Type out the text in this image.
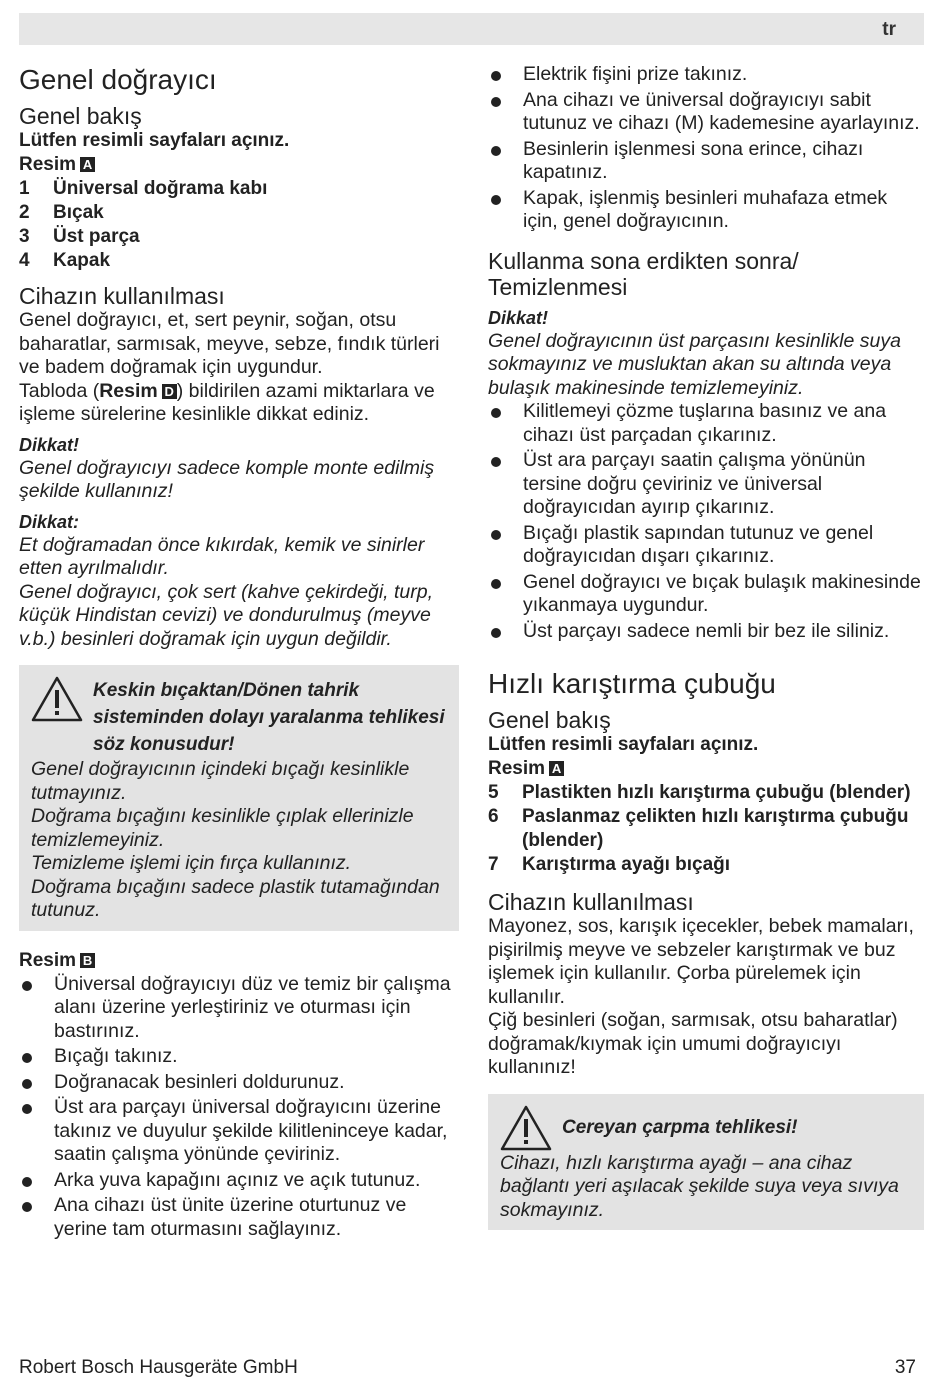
tr
Genel doğrayıcı
Genel bakış
Lütfen resimli sayfaları açınız.
Resim A
1	Üniversal doğrama kabı
2	Bıçak
3	Üst parça
4	Kapak
Cihazın kullanılması

Genel doğrayıcı, et, sert peynir, soğan, otsu baharatlar, sarmısak, meyve, sebze, fındık türleri ve badem doğramak için uygundur.

Tabloda (Resim D ) bildirilen azami miktarlara ve işleme sürelerine kesinlikle dikkat ediniz.

Dikkat!

Genel doğrayıcıyı sadece komple monte edilmiş şekilde kullanınız!

Dikkat:

Et doğramadan önce kıkırdak, kemik ve sinirler etten ayrılmalıdır.

Genel doğrayıcı, çok sert (kahve çekirdeği, turp, küçük Hindistan cevizi) ve dondurulmuş (meyve v.b.) besinleri doğramak için uygun değildir.

Keskin bıçaktan/Dönen tahrik sisteminden dolayı yaralanma tehlikesi söz konusudur!

Genel doğrayıcının içindeki bıçağı kesinlikle tutmayınız.

Doğrama bıçağını kesinlikle çıplak ellerinizle temizlemeyiniz.

Temizleme işlemi için fırça kullanınız.

Doğrama bıçağını sadece plastik tutamağından tutunuz.

Resim B
Üniversal doğrayıcıyı düz ve temiz bir çalışma alanı üzerine yerleştiriniz ve oturması için bastırınız.
Bıçağı takınız.
Doğranacak besinleri doldurunuz.
Üst ara parçayı üniversal doğrayıcını üzerine takınız ve duyulur şekilde kilitleninceye kadar, saatin çalışma yönünde çeviriniz.
Arka yuva kapağını açınız ve açık tutunuz.
Ana cihazı üst ünite üzerine oturtunuz ve yerine tam oturmasını sağlayınız.
Elektrik fişini prize takınız.
Ana cihazı ve üniversal doğrayıcıyı sabit tutunuz ve cihazı (M) kademesine ayarlayınız.
Besinlerin işlenmesi sona erince, cihazı kapatınız.
Kapak, işlenmiş besinleri muhafaza etmek için, genel doğrayıcının.
Kullanma sona erdikten sonra/ Temizlenmesi

Dikkat!

Genel doğrayıcının üst parçasını kesinlikle suya sokmayınız ve musluktan akan su altında veya bulaşık makinesinde temizlemeyiniz.

Kilitlemeyi çözme tuşlarına basınız ve ana cihazı üst parçadan çıkarınız.
Üst ara parçayı saatin çalışma yönünün tersine doğru çeviriniz ve üniversal doğrayıcıdan ayırıp çıkarınız.
Bıçağı plastik sapından tutunuz ve genel doğrayıcıdan dışarı çıkarınız.
Genel doğrayıcı ve bıçak bulaşık makinesinde yıkanmaya uygundur.
Üst parçayı sadece nemli bir bez ile siliniz.
Hızlı karıştırma çubuğu
Genel bakış
Lütfen resimli sayfaları açınız.
Resim A
5	Plastikten hızlı karıştırma çubuğu (blender)
6	Paslanmaz çelikten hızlı karıştırma çubuğu (blender)
7	Karıştırma ayağı bıçağı
Cihazın kullanılması

Mayonez, sos, karışık içecekler, bebek mamaları, pişirilmiş meyve ve sebzeler karıştırmak ve buz işlemek için kullanılır. Çorba pürelemek için kullanılır.

Çiğ besinleri (soğan, sarmısak, otsu baharatlar) doğramak/kıymak için umumi doğrayıcıyı kullanınız!

Cereyan çarpma tehlikesi!

Cihazı, hızlı karıştırma ayağı – ana cihaz bağlantı yeri aşılacak şekilde suya veya sıvıya sokmayınız.

Robert Bosch Hausgeräte GmbH	37
